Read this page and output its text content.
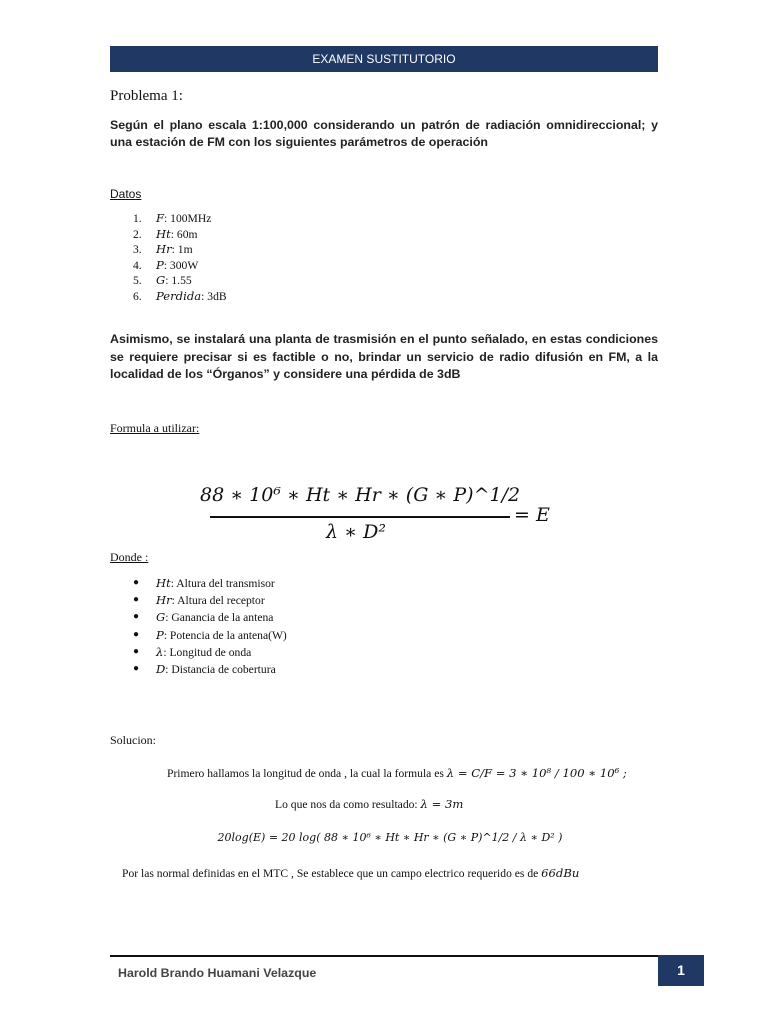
EXAMEN SUSTITUTORIO
Problema 1:
Según el plano escala 1:100,000 considerando un patrón de radiación omnidireccional; y una estación de FM con los siguientes parámetros de operación
Datos
1. F: 100MHz
2. Ht: 60m
3. Hr: 1m
4. P: 300W
5. G: 1.55
6. Perdida: 3dB
Asimismo, se instalará una planta de trasmisión en el punto señalado, en estas condiciones se requiere precisar si es factible o no, brindar un servicio de radio difusión en FM, a la localidad de los “Órganos” y considere una pérdida de 3dB
Formula a utilizar:
88 ∗ 10⁶ ∗ Ht ∗ Hr ∗ (G ∗ P)^1/2
λ ∗ D²
= E
Donde :
● Ht: Altura del transmisor
● Hr: Altura del receptor
● G: Ganancia de la antena
● P: Potencia de la antena(W)
● λ: Longitud de onda
● D: Distancia de cobertura
Solucion:
Primero hallamos la longitud de onda , la cual la formula es λ = C/F = 3 ∗ 10⁸ / 100 ∗ 10⁶ ;
Lo que nos da como resultado: λ = 3m
20log(E) = 20 log( 88 ∗ 10⁶ ∗ Ht ∗ Hr ∗ (G ∗ P)^1/2 / λ ∗ D² )
Por las normal definidas en el MTC , Se establece que un campo electrico requerido es de 66dBu
Harold Brando Huamani Velazque	1
